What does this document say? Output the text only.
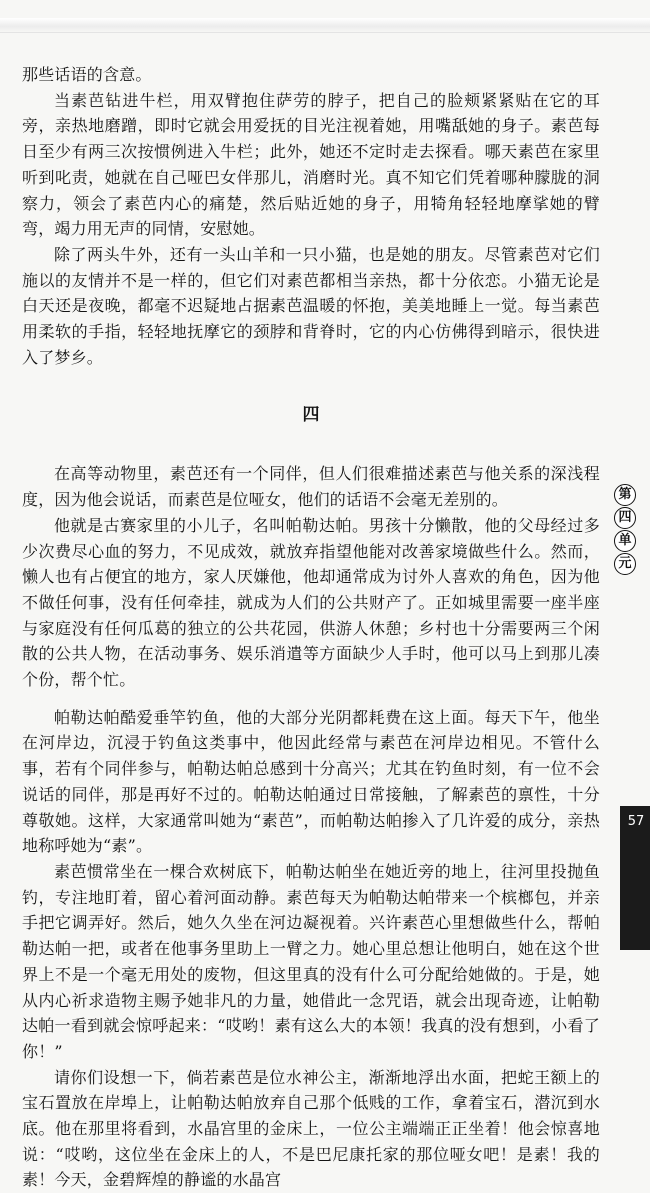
那些话语的含意。

当素芭钻进牛栏，用双臂抱住萨劳的脖子，把自己的脸颊紧紧贴在它的耳旁，亲热地磨蹭，即时它就会用爱抚的目光注视着她，用嘴舐她的身子。素芭每日至少有两三次按惯例进入牛栏；此外，她还不定时走去探看。哪天素芭在家里听到叱责，她就在自己哑巴女伴那儿，消磨时光。真不知它们凭着哪种朦胧的洞察力，领会了素芭内心的痛楚，然后贴近她的身子，用犄角轻轻地摩挲她的臂弯，竭力用无声的同情，安慰她。

除了两头牛外，还有一头山羊和一只小猫，也是她的朋友。尽管素芭对它们施以的友情并不是一样的，但它们对素芭都相当亲热，都十分依恋。小猫无论是白天还是夜晚，都毫不迟疑地占据素芭温暖的怀抱，美美地睡上一觉。每当素芭用柔软的手指，轻轻地抚摩它的颈脖和背脊时，它的内心仿佛得到暗示，很快进入了梦乡。

四

在高等动物里，素芭还有一个同伴，但人们很难描述素芭与他关系的深浅程度，因为他会说话，而素芭是位哑女，他们的话语不会毫无差别的。

他就是古赛家里的小儿子，名叫帕勒达帕。男孩十分懒散，他的父母经过多少次费尽心血的努力，不见成效，就放弃指望他能对改善家境做些什么。然而，懒人也有占便宜的地方，家人厌嫌他，他却通常成为讨外人喜欢的角色，因为他不做任何事，没有任何牵挂，就成为人们的公共财产了。正如城里需要一座半座与家庭没有任何瓜葛的独立的公共花园，供游人休憩；乡村也十分需要两三个闲散的公共人物，在活动事务、娱乐消遣等方面缺少人手时，他可以马上到那儿凑个份，帮个忙。

帕勒达帕酷爱垂竿钓鱼，他的大部分光阴都耗费在这上面。每天下午，他坐在河岸边，沉浸于钓鱼这类事中，他因此经常与素芭在河岸边相见。不管什么事，若有个同伴参与，帕勒达帕总感到十分高兴；尤其在钓鱼时刻，有一位不会说话的同伴，那是再好不过的。帕勒达帕通过日常接触，了解素芭的禀性，十分尊敬她。这样，大家通常叫她为“素芭”，而帕勒达帕掺入了几许爱的成分，亲热地称呼她为“素”。

素芭惯常坐在一棵合欢树底下，帕勒达帕坐在她近旁的地上，往河里投抛鱼钓，专注地盯着，留心着河面动静。素芭每天为帕勒达帕带来一个槟榔包，并亲手把它调弄好。然后，她久久坐在河边凝视着。兴许素芭心里想做些什么，帮帕勒达帕一把，或者在他事务里助上一臂之力。她心里总想让他明白，她在这个世界上不是一个毫无用处的废物，但这里真的没有什么可分配给她做的。于是，她从内心祈求造物主赐予她非凡的力量，她借此一念咒语，就会出现奇迹，让帕勒达帕一看到就会惊呼起来：“哎哟！素有这么大的本领！我真的没有想到，小看了你！”

请你们设想一下，倘若素芭是位水神公主，渐渐地浮出水面，把蛇王额上的宝石置放在岸埠上，让帕勒达帕放弃自己那个低贱的工作，拿着宝石，潜沉到水底。他在那里将看到，水晶宫里的金床上，一位公主端端正正坐着！他会惊喜地说：“哎哟，这位坐在金床上的人，不是巴尼康托家的那位哑女吧！是素！我的素！今天，金碧辉煌的静谧的水晶宫

第
四
单
元
57
